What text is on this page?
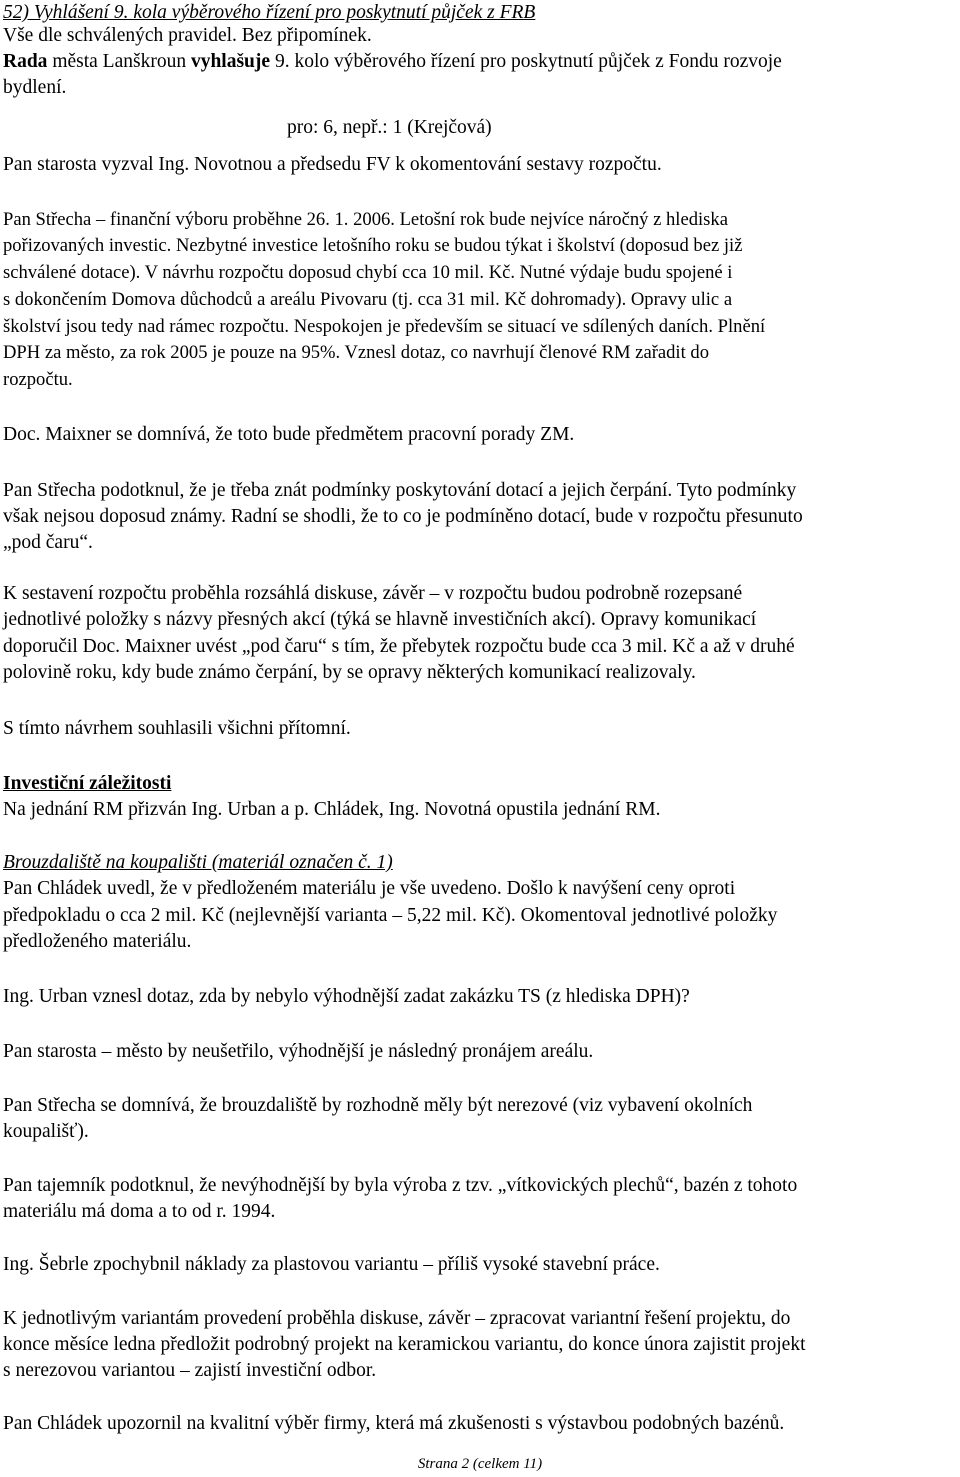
52) Vyhlášení 9. kola výběrového řízení pro poskytnutí půjček z FRB

Vše dle schválených pravidel. Bez připomínek.

Rada města Lanškroun vyhlašuje 9. kolo výběrového řízení pro poskytnutí půjček z Fondu rozvoje

bydlení.

pro: 6, nepř.: 1 (Krejčová)

Pan starosta vyzval Ing. Novotnou a předsedu FV k okomentování sestavy rozpočtu.

Pan Střecha – finanční výboru proběhne 26. 1. 2006. Letošní rok bude nejvíce náročný z hlediska

pořizovaných investic. Nezbytné investice letošního roku se budou týkat i školství (doposud bez již

schválené dotace). V návrhu rozpočtu doposud chybí cca 10 mil. Kč. Nutné výdaje budu spojené i

s dokončením Domova důchodců a areálu Pivovaru (tj. cca 31 mil. Kč dohromady). Opravy ulic a

školství jsou tedy nad rámec rozpočtu. Nespokojen je především se situací ve sdílených daních. Plnění

DPH za město, za rok 2005 je pouze na 95%. Vznesl dotaz, co navrhují členové RM zařadit do

rozpočtu.

Doc. Maixner se domnívá, že toto bude předmětem pracovní porady ZM.

Pan Střecha podotknul, že je třeba znát podmínky poskytování dotací a jejich čerpání. Tyto podmínky

však nejsou doposud známy. Radní se shodli, že to co je podmíněno dotací, bude v rozpočtu přesunuto

„pod čaru“.

K sestavení rozpočtu proběhla rozsáhlá diskuse, závěr – v rozpočtu budou podrobně rozepsané

jednotlivé položky s názvy přesných akcí (týká se hlavně investičních akcí). Opravy komunikací

doporučil Doc. Maixner uvést „pod čaru“ s tím, že přebytek rozpočtu bude cca 3 mil. Kč a až v druhé

polovině roku, kdy bude známo čerpání, by se opravy některých komunikací realizovaly.

S tímto návrhem souhlasili všichni přítomní.

Investiční záležitosti

Na jednání RM přizván Ing. Urban a p. Chládek, Ing. Novotná opustila jednání RM.

Brouzdaliště na koupališti (materiál označen č. 1)

Pan Chládek uvedl, že v předloženém materiálu je vše uvedeno. Došlo k navýšení ceny oproti

předpokladu o cca 2 mil. Kč (nejlevnější varianta – 5,22 mil. Kč). Okomentoval jednotlivé položky

předloženého materiálu.

Ing. Urban vznesl dotaz, zda by nebylo výhodnější zadat zakázku TS (z hlediska DPH)?

Pan starosta – město by neušetřilo, výhodnější je následný pronájem areálu.

Pan Střecha se domnívá, že brouzdaliště by rozhodně měly být nerezové (viz vybavení okolních

koupališť).

Pan tajemník podotknul, že nevýhodnější by byla výroba z tzv. „vítkovických plechů“, bazén z tohoto

materiálu má doma a to od r. 1994.

Ing. Šebrle zpochybnil náklady za plastovou variantu – příliš vysoké stavební práce.

K jednotlivým variantám provedení proběhla diskuse, závěr – zpracovat variantní řešení projektu, do

konce měsíce ledna předložit podrobný projekt na keramickou variantu, do konce února zajistit projekt

s nerezovou variantou – zajistí investiční odbor.

Pan Chládek upozornil na kvalitní výběr firmy, která má zkušenosti s výstavbou podobných bazénů.

Strana 2 (celkem 11)
